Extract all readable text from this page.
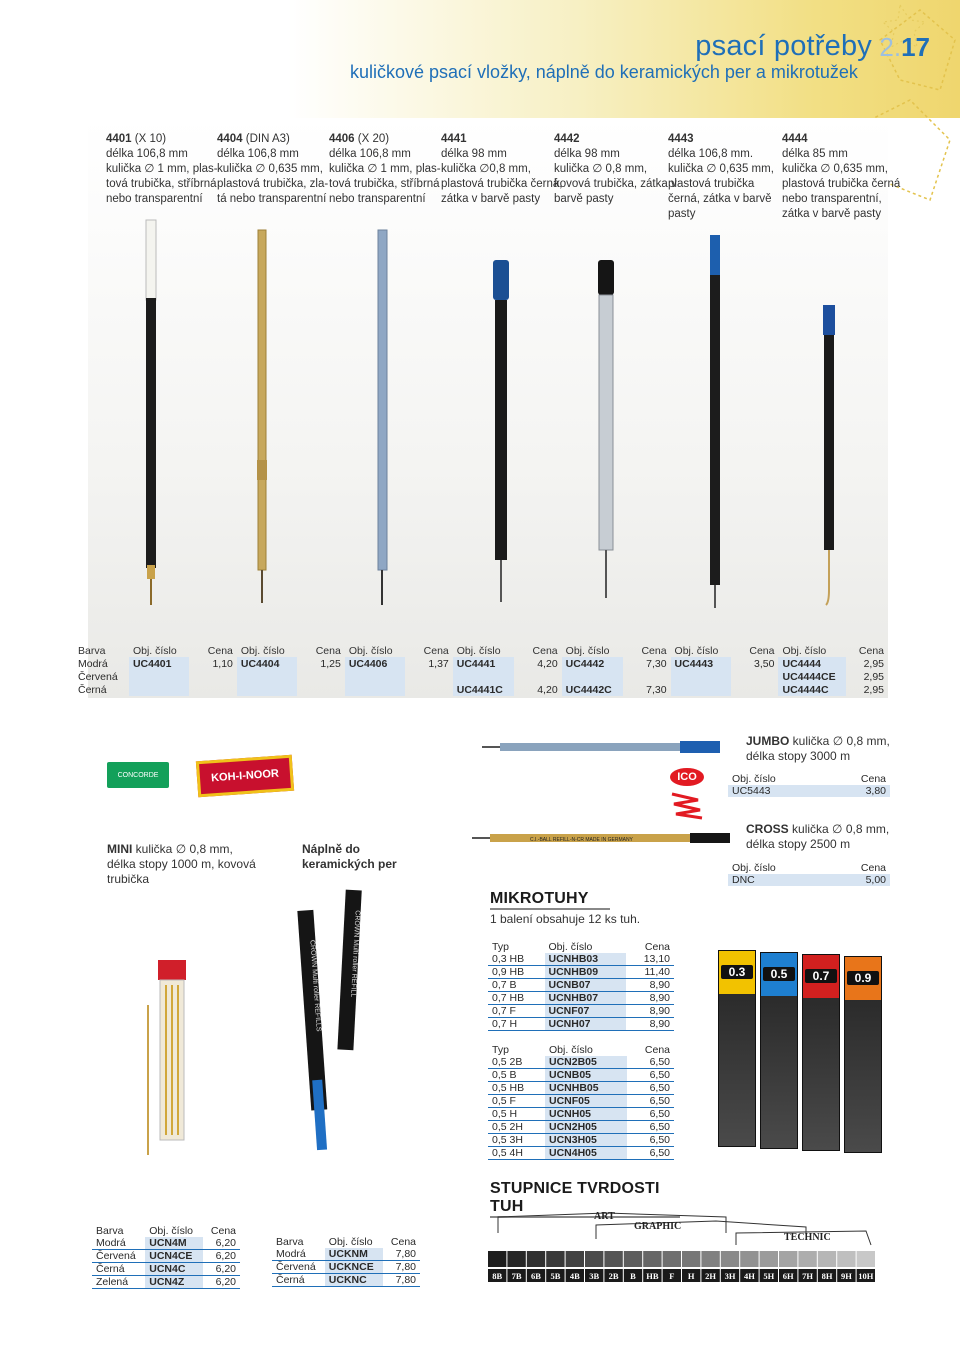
psací potřeby 2.17
kuličkové psací vložky, náplně do keramických per a mikrotužek
4401 (X 10)
délka 106,8 mm
kulička ∅ 1 mm, plas-
tová trubička, stříbrná
nebo transparentní
4404 (DIN A3)
délka 106,8 mm
kulička ∅ 0,635 mm,
plastová trubička, zla-
tá nebo transparentní
4406 (X 20)
délka 106,8 mm
kulička ∅ 1 mm, plas-
tová trubička, stříbrná
nebo transparentní
4441
délka 98 mm
kulička ∅0,8 mm,
plastová trubička černá,
zátka v barvě pasty
4442
délka 98 mm
kulička ∅ 0,8 mm,
kovová trubička, zátka v
barvě pasty
4443
délka 106,8 mm.
kulička ∅ 0,635 mm,
plastová trubička
černá, zátka v barvě
pasty
4444
délka 85 mm
kulička ∅ 0,635 mm,
plastová trubička černá
nebo transparentní,
zátka v barvě pasty
Barva	Obj. číslo	Cena	Obj. číslo	Cena	Obj. číslo	Cena	Obj. číslo	Cena	Obj. číslo	Cena	Obj. číslo	Cena	Obj. číslo	Cena
Modrá	UC4401	1,10	UC4404	1,25	UC4406	1,37	UC4441	4,20	UC4442	7,30	UC4443	3,50	UC4444	2,95
Červená													UC4444CE	2,95
Černá							UC4441C	4,20	UC4442C	7,30			UC4444C	2,95
CONCORDE	KOH-I-NOOR	ICO
JUMBO kulička ∅ 0,8 mm,
délka stopy 3000 m
Obj. číslo	Cena
UC5443	3,80
CROSS kulička ∅ 0,8 mm,
délka stopy 2500 m
C.I.-BALL REFILL-N-CR MADE IN GERMANY
Obj. číslo	Cena
DNC	5,00
MINI kulička ∅ 0,8 mm,
délka stopy 1000 m, kovová
trubička
Náplně do
keramických per
CROWN Multi roller REFILLS	CROWN Multi roller REFILL
MIKROTUHY
1 balení obsahuje 12 ks tuh.
Typ	Obj. číslo	Cena
0,3 HB	UCNHB03	13,10
0,9 HB	UCNHB09	11,40
0,7 B	UCNB07	8,90
0,7 HB	UCNHB07	8,90
0,7 F	UCNF07	8,90
0,7 H	UCNH07	8,90
Typ	Obj. číslo	Cena
0,5 2B	UCN2B05	6,50
0,5 B	UCNB05	6,50
0,5 HB	UCNHB05	6,50
0,5 F	UCNF05	6,50
0,5 H	UCNH05	6,50
0,5 2H	UCN2H05	6,50
0,5 3H	UCN3H05	6,50
0,5 4H	UCN4H05	6,50
0.3	0.5	0.7	0.9
STUPNICE TVRDOSTI TUH
ART
GRAPHIC
TECHNIC
8B 7B 6B 5B 4B 3B 2B B HB F H 2H 3H 4H 5H 6H 7H 8H 9H 10H
Barva	Obj. číslo	Cena
Modrá	UCN4M	6,20
Červená	UCN4CE	6,20
Černá	UCN4C	6,20
Zelená	UCN4Z	6,20
Barva	Obj. číslo	Cena
Modrá	UCKNM	7,80
Červená	UCKNCE	7,80
Černá	UCKNC	7,80
